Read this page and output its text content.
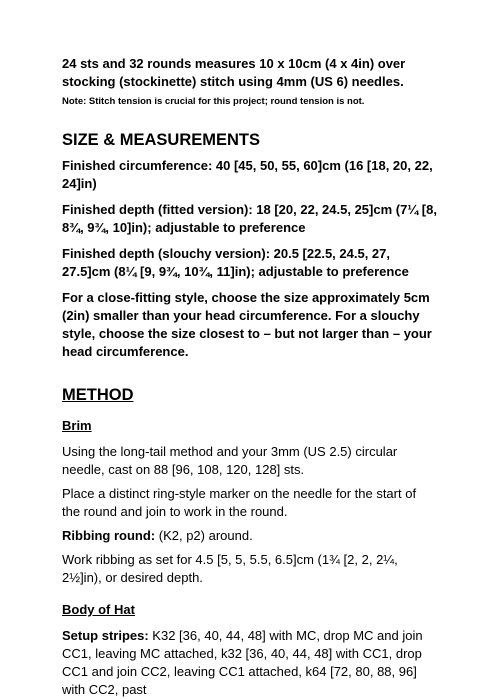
24 sts and 32 rounds measures 10 x 10cm (4 x 4in) over stocking (stockinette) stitch using 4mm (US 6) needles.

Note: Stitch tension is crucial for this project; round tension is not.

SIZE & MEASUREMENTS

Finished circumference: 40 [45, 50, 55, 60]cm (16 [18, 20, 22, 24]in)

Finished depth (fitted version): 18 [20, 22, 24.5, 25]cm (7¼ [8, 8¾, 9¾, 10]in); adjustable to preference

Finished depth (slouchy version): 20.5 [22.5, 24.5, 27, 27.5]cm (8¼ [9, 9¾, 10¾, 11]in); adjustable to preference

For a close-fitting style, choose the size approximately 5cm (2in) smaller than your head circumference. For a slouchy style, choose the size closest to – but not larger than – your head circumference.

METHOD
Brim

Using the long-tail method and your 3mm (US 2.5) circular needle, cast on 88 [96, 108, 120, 128] sts.

Place a distinct ring-style marker on the needle for the start of the round and join to work in the round.

Ribbing round: (K2, p2) around.

Work ribbing as set for 4.5 [5, 5, 5.5, 6.5]cm (1¾ [2, 2, 2¼, 2½]in), or desired depth.

Body of Hat

Setup stripes: K32 [36, 40, 44, 48] with MC, drop MC and join CC1, leaving MC attached, k32 [36, 40, 44, 48] with CC1, drop CC1 and join CC2, leaving CC1 attached, k64 [72, 80, 88, 96] with CC2, past
